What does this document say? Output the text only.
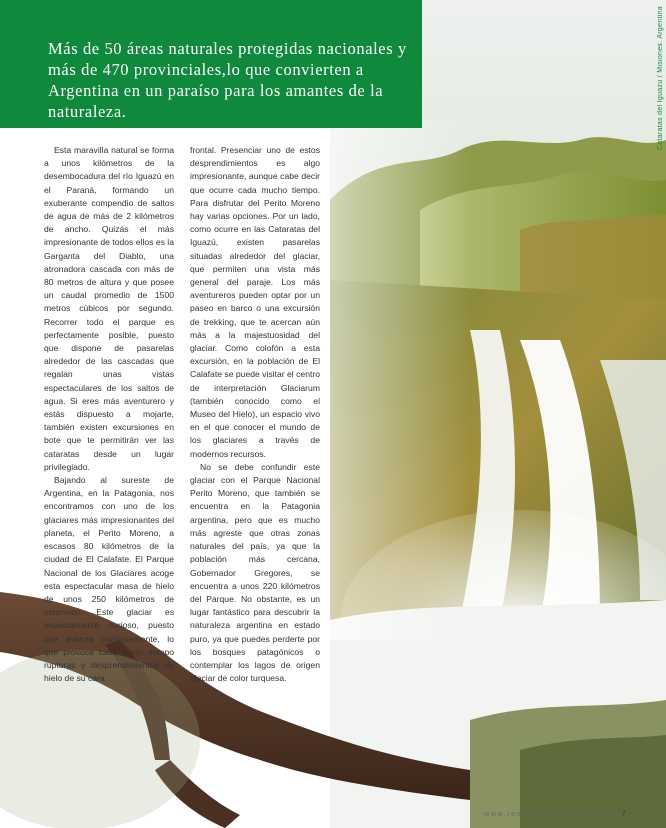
Más de 50 áreas naturales protegidas nacionales y más de 470 provinciales,lo que convierten a Argentina en un paraíso para los amantes de la naturaleza.	Cataratas del Iguazú / Misiones. Argentina

Esta maravilla natural se forma a unos kilómetros de la desembocadura del río Iguazú en el Paraná, formando un exuberante compendio de saltos de agua de más de 2 kilómetros de ancho. Quizás el más impresionante de todos ellos es la Garganta del Diablo, una atronadora cascada con más de 80 metros de altura y que posee un caudal promedio de 1500 metros cúbicos por segundo. Recorrer todo el parque es perfectamente posible, puesto que dispone de pasarelas alrededor de las cascadas que regalan unas vistas espectaculares de los saltos de agua. Si eres más aventurero y estás dispuesto a mojarte, también existen excursiones en bote que te permitirán ver las cataratas desde un lugar privilegiado.

Bajando al sureste de Argentina, en la Patagonia, nos encontramos con uno de los glaciares más impresionantes del planeta, el Perito Moreno, a escasos 80 kilómetros de la ciudad de El Calafate. El Parque Nacional de los Glaciares acoge esta espectacular masa de hielo de unos 250 kilómetros de extensión. Este glaciar es especialmente curioso, puesto que avanza continuamente, lo que provoca cada cierto tiempo rupturas y desprendimientos de hielo de su cara

frontal. Presenciar uno de estos desprendimientos es algo impresionante, aunque cabe decir que ocurre cada mucho tiempo. Para disfrutar del Perito Moreno hay varias opciones. Por un lado, como ocurre en las Cataratas del Iguazú, existen pasarelas situadas alrededor del glaciar, que permiten una vista más general del paraje. Los más aventureros pueden optar por un paseo en barco o una excursión de trekking, que te acercan aún más a la majestuosidad del glaciar. Como colofón a esta excursión, en la población de El Calafate se puede visitar el centro de interpretación Glaciarum (también conocido como el Museo del Hielo), un espacio vivo en el que conocer el mundo de los glaciares a través de modernos recursos.

No se debe confundir este glaciar con el Parque Nacional Perito Moreno, que también se encuentra en la Patagonia argentina, pero que es mucho más agreste que otras zonas naturales del país, ya que la población más cercana, Gobernador Gregores, se encuentra a unos 220 kilómetros del Parque. No obstante, es un lugar fantástico para descubrir la naturaleza argentina en estado puro, ya que puedes perderte por los bosques patagónicos o contemplar los lagos de origen glaciar de color turquesa.

www.revistasexcelencias.com 7
